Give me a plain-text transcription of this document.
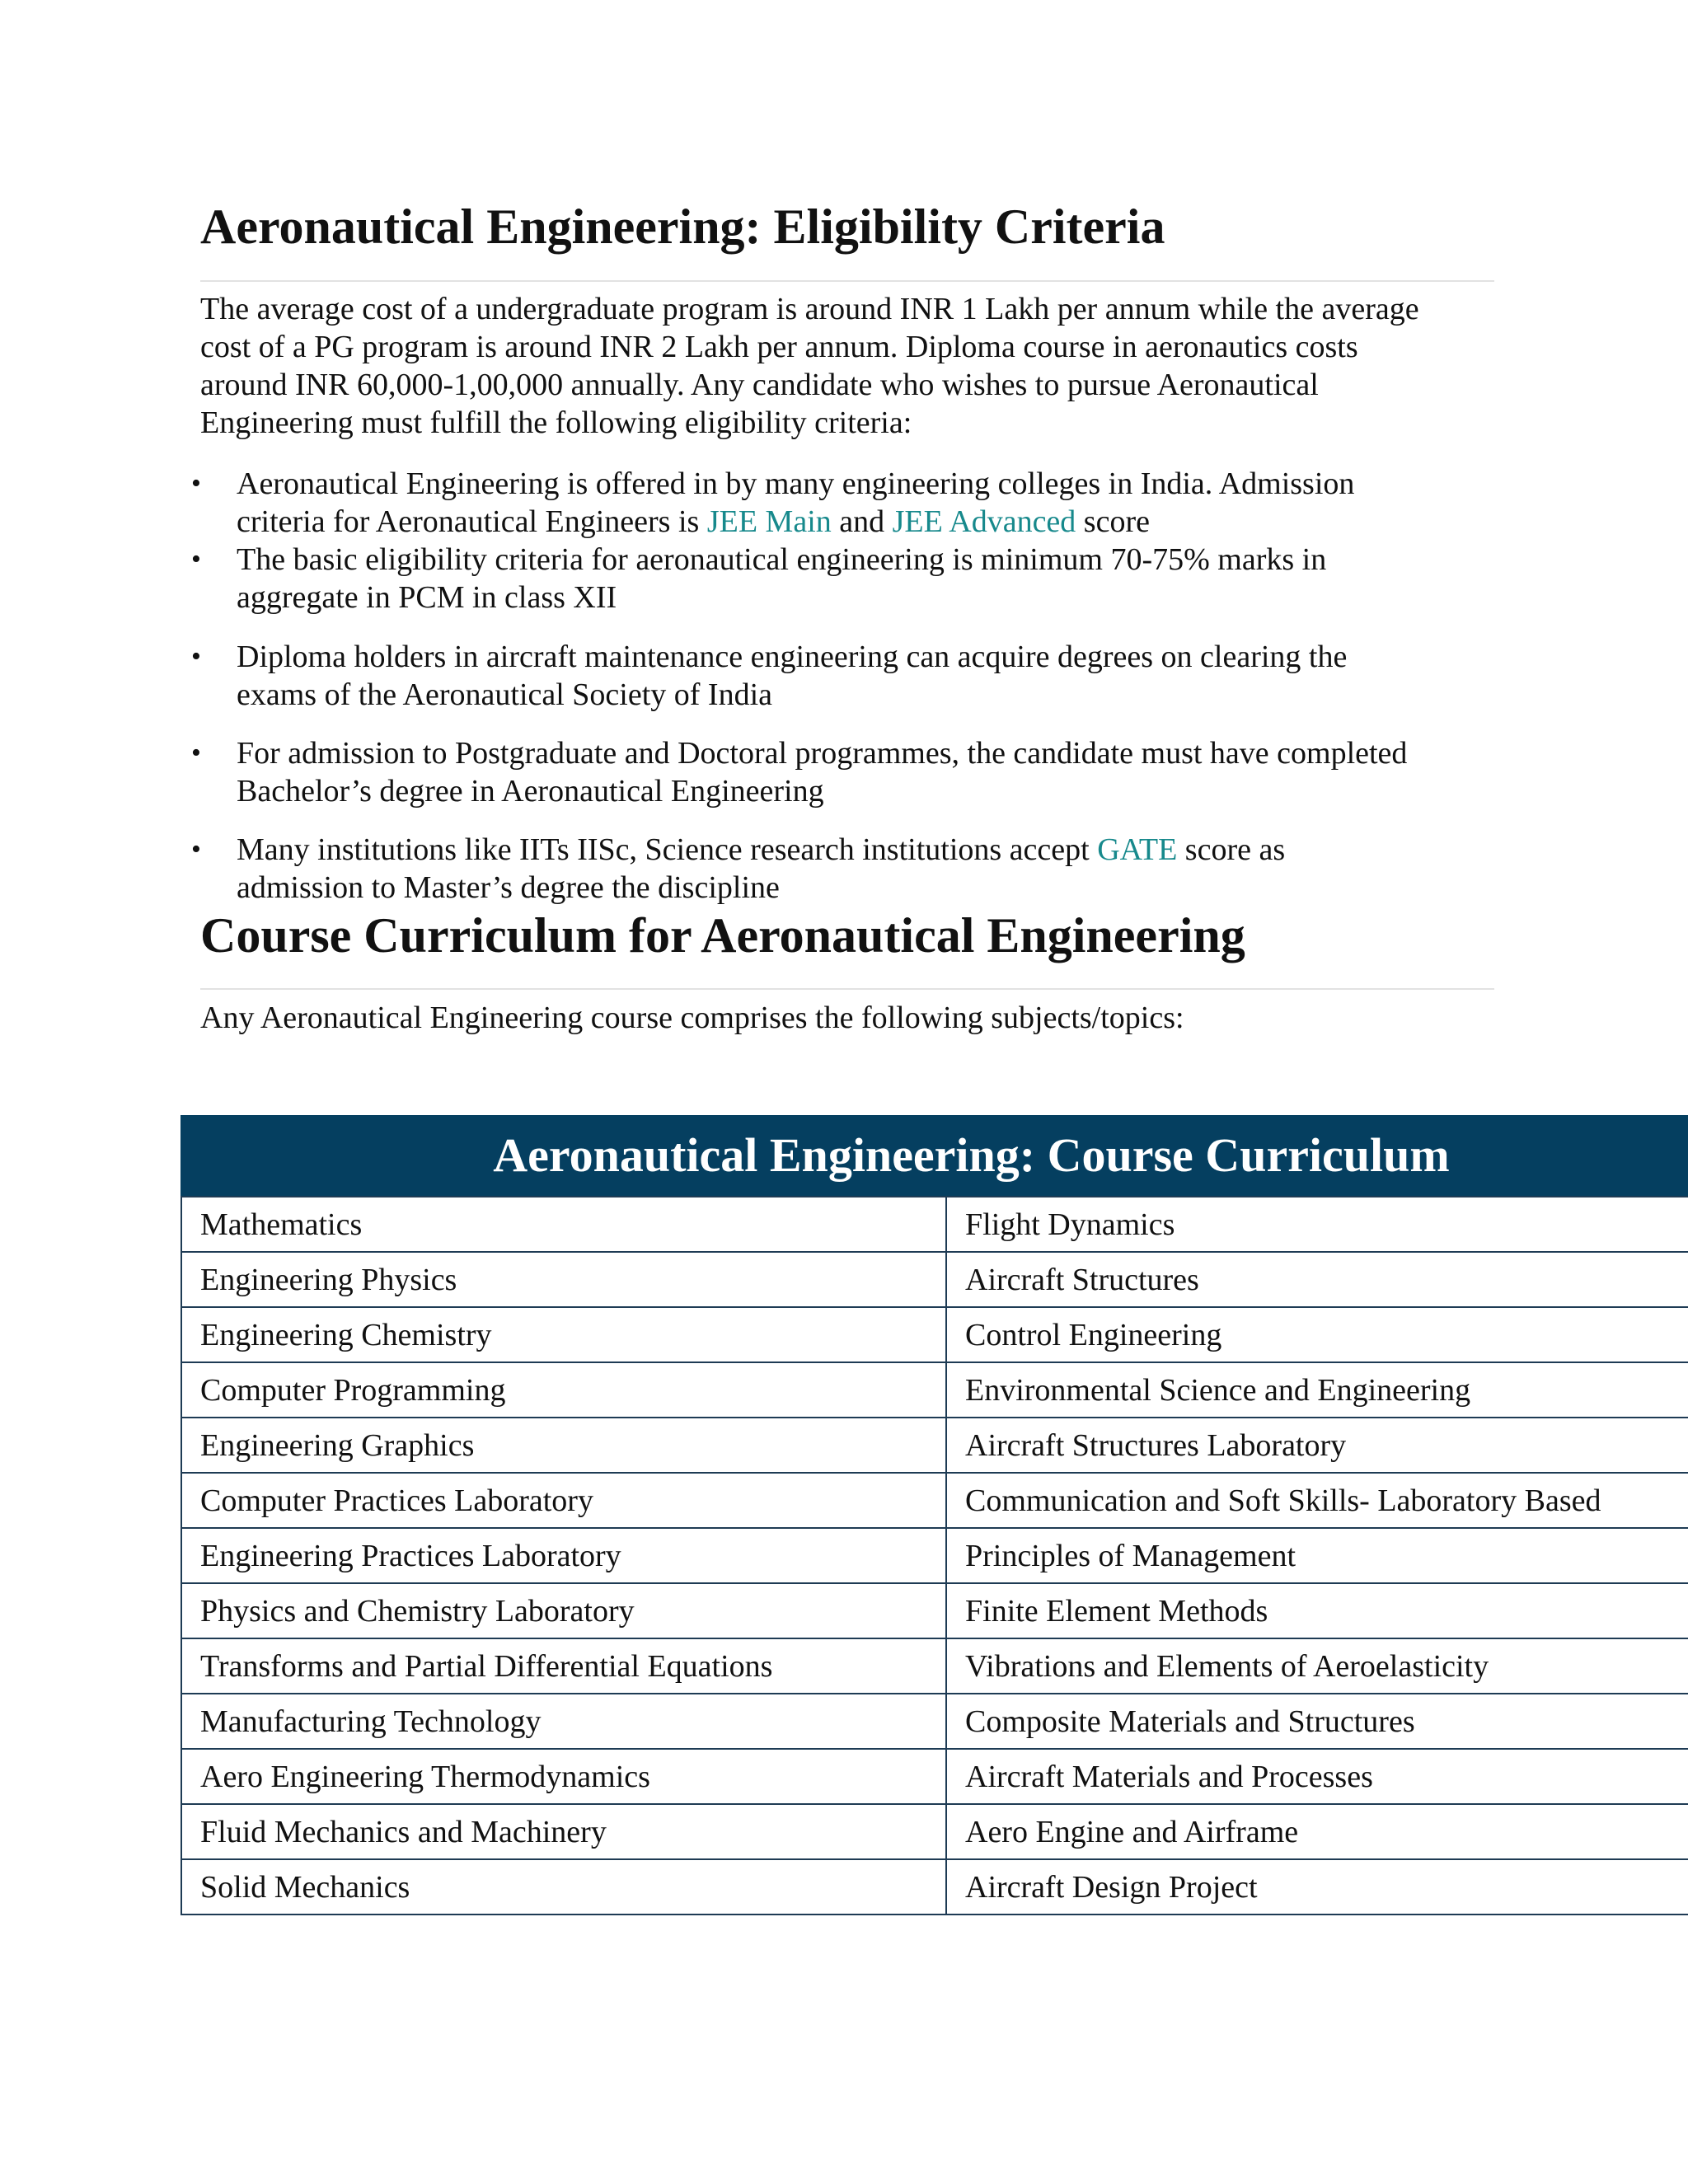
Aeronautical Engineering: Eligibility Criteria

The average cost of a undergraduate program is around INR 1 Lakh per annum while the average
cost of a PG program is around INR 2 Lakh per annum. Diploma course in aeronautics costs
around INR 60,000-1,00,000 annually. Any candidate who wishes to pursue Aeronautical
Engineering must fulfill the following eligibility criteria:

• Aeronautical Engineering is offered in by many engineering colleges in India. Admission
criteria for Aeronautical Engineers is JEE Main and JEE Advanced score
• The basic eligibility criteria for aeronautical engineering is minimum 70-75% marks in
aggregate in PCM in class XII
• Diploma holders in aircraft maintenance engineering can acquire degrees on clearing the
exams of the Aeronautical Society of India
• For admission to Postgraduate and Doctoral programmes, the candidate must have completed
Bachelor’s degree in Aeronautical Engineering
• Many institutions like IITs IISc, Science research institutions accept GATE score as
admission to Master’s degree the discipline
Course Curriculum for Aeronautical Engineering

Any Aeronautical Engineering course comprises the following subjects/topics:

Aeronautical Engineering: Course Curriculum
Mathematics	Flight Dynamics
Engineering Physics	Aircraft Structures
Engineering Chemistry	Control Engineering
Computer Programming	Environmental Science and Engineering
Engineering Graphics	Aircraft Structures Laboratory
Computer Practices Laboratory	Communication and Soft Skills- Laboratory Based
Engineering Practices Laboratory	Principles of Management
Physics and Chemistry Laboratory	Finite Element Methods
Transforms and Partial Differential Equations	Vibrations and Elements of Aeroelasticity
Manufacturing Technology	Composite Materials and Structures
Aero Engineering Thermodynamics	Aircraft Materials and Processes
Fluid Mechanics and Machinery	Aero Engine and Airframe
Solid Mechanics	Aircraft Design Project
